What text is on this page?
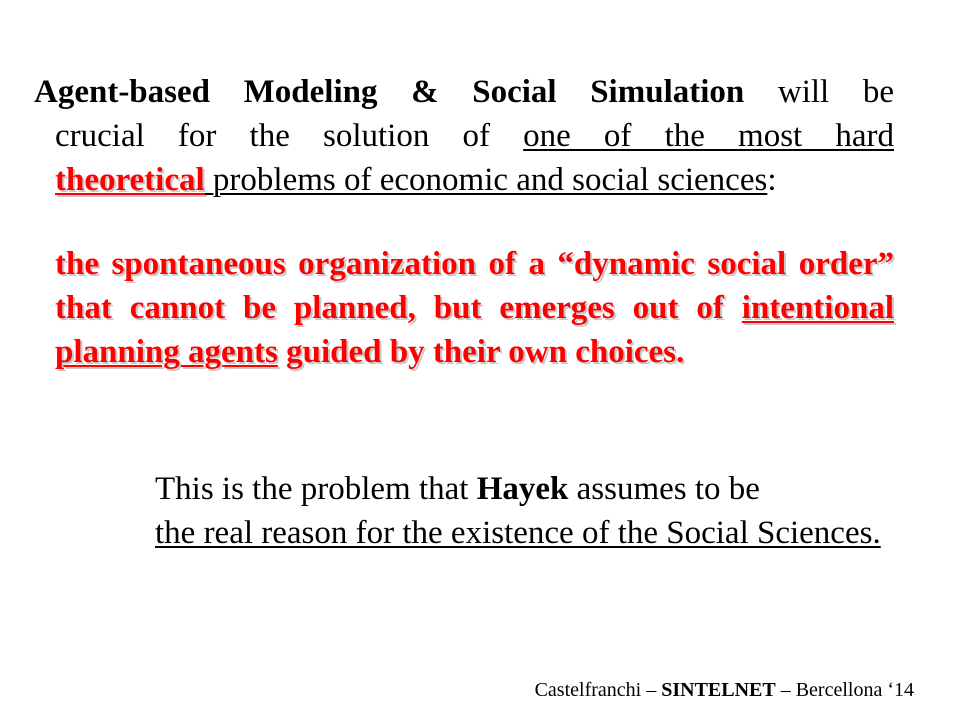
Agent-based Modeling & Social Simulation will be
crucial for the solution of one of the most hard
theoretical problems of economic and social sciences:
the spontaneous organization of a “dynamic social order” that cannot be planned, but emerges out of intentional planning agents guided by their own choices.
This is the problem that Hayek assumes to be
the real reason for the existence of the Social Sciences.
Castelfranchi – SINTELNET – Bercellona ‘14
